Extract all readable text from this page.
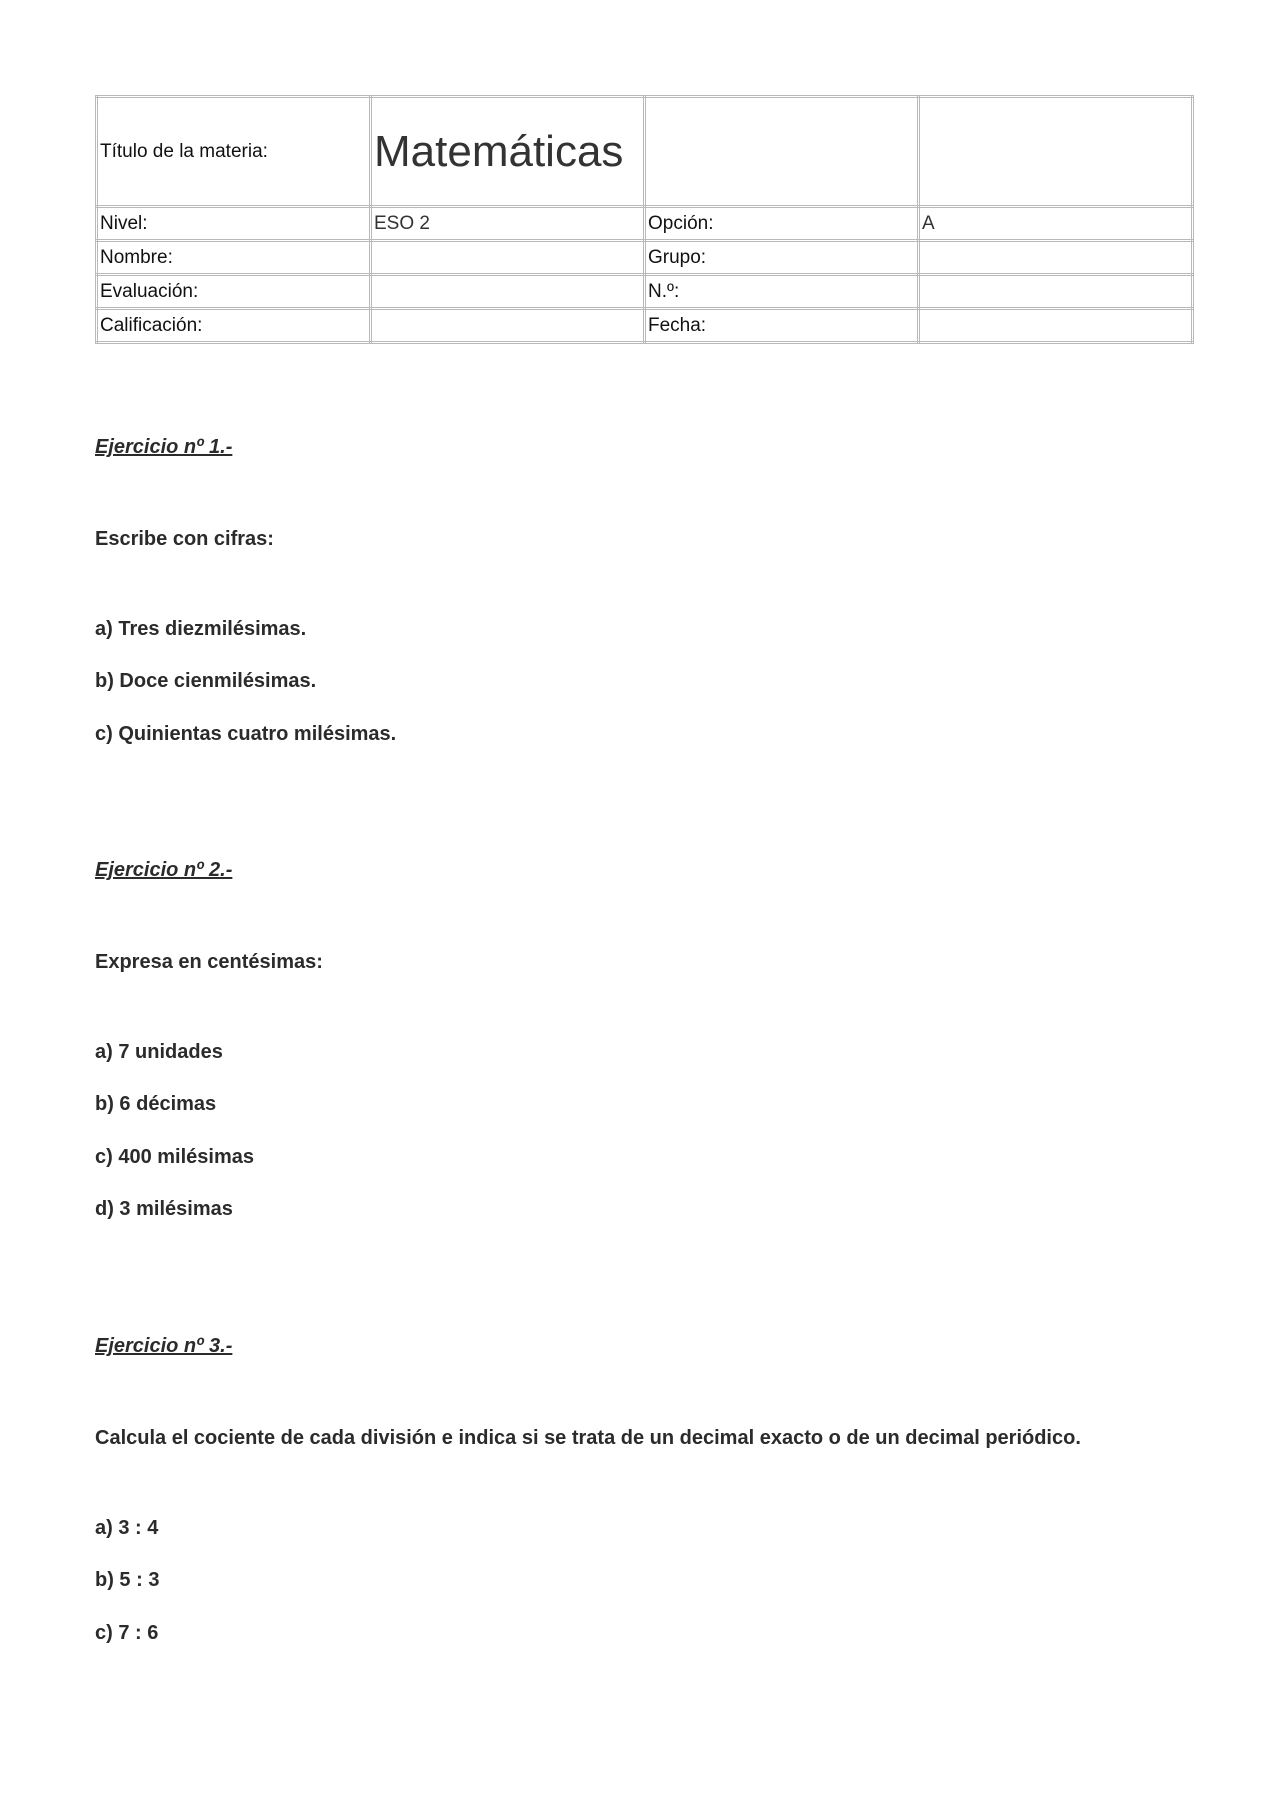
Título de la materia:	Matemáticas		
Nivel:	ESO 2	Opción:	A
Nombre:		Grupo:	
Evaluación:		N.º:	
Calificación:		Fecha:	

Ejercicio nº 1.-

Escribe con cifras:

a) Tres diezmilésimas.

b) Doce cienmilésimas.

c) Quinientas cuatro milésimas.

Ejercicio nº 2.-

Expresa en centésimas:

a) 7 unidades

b) 6 décimas

c) 400 milésimas

d) 3 milésimas

Ejercicio nº 3.-

Calcula el cociente de cada división e indica si se trata de un decimal exacto o de un decimal periódico.

a) 3 : 4

b) 5 : 3

c) 7 : 6
